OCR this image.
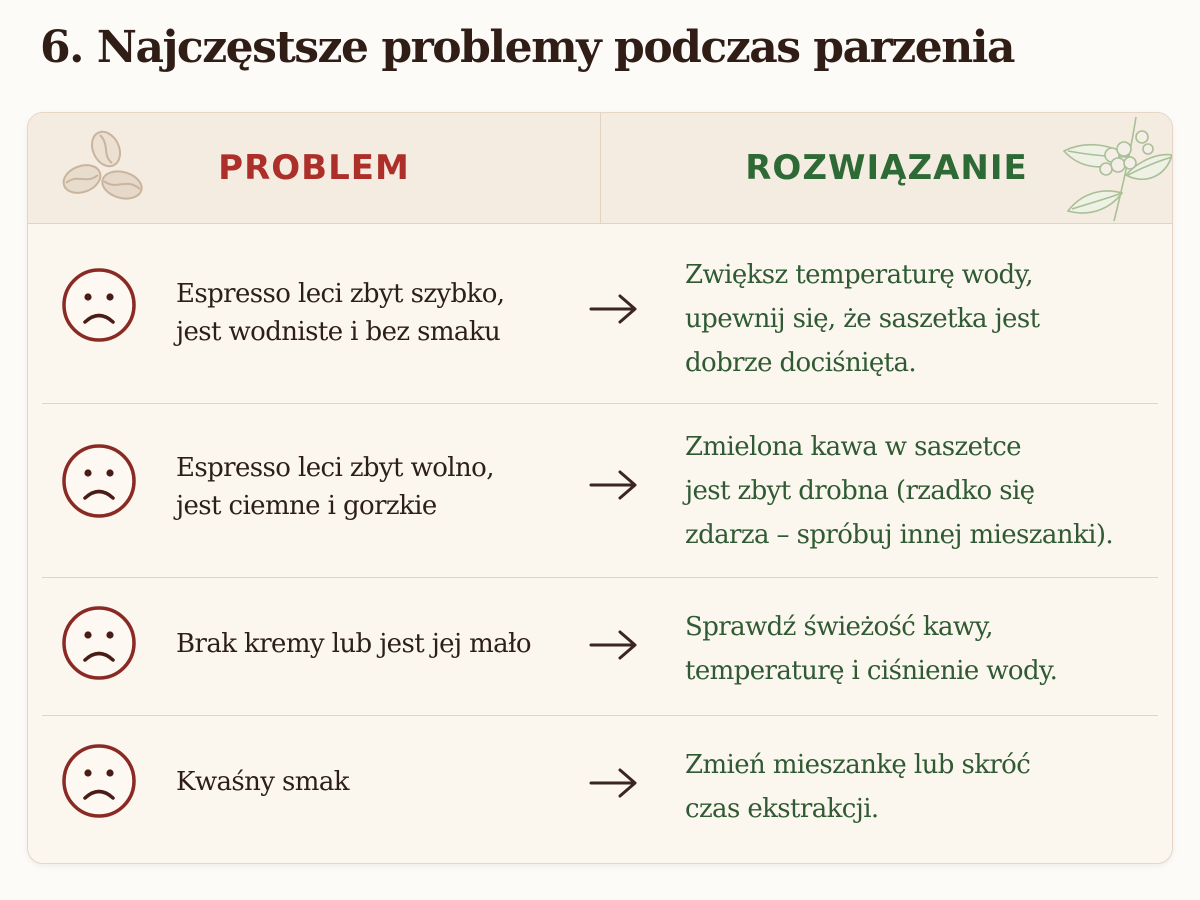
6. Najczęstsze problemy podczas parzenia
PROBLEM	ROZWIĄZANIE
Espresso leci zbyt szybko,
jest wodniste i bez smaku
Zwiększ temperaturę wody,
upewnij się, że saszetka jest
dobrze dociśnięta.
Espresso leci zbyt wolno,
jest ciemne i gorzkie
Zmielona kawa w saszetce
jest zbyt drobna (rzadko się
zdarza – spróbuj innej mieszanki).
Brak kremy lub jest jej mało
Sprawdź świeżość kawy,
temperaturę i ciśnienie wody.
Kwaśny smak
Zmień mieszankę lub skróć
czas ekstrakcji.
